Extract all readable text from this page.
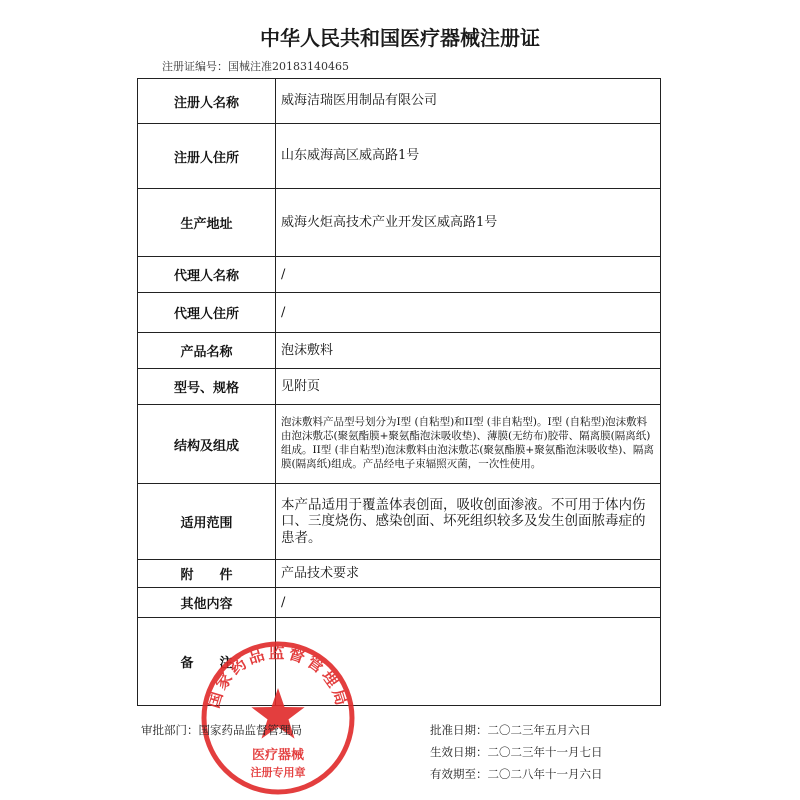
中华人民共和国医疗器械注册证
注册证编号：国械注准20183140465
注册人名称	威海洁瑞医用制品有限公司
注册人住所	山东威海高区威高路1号
生产地址	威海火炬高技术产业开发区威高路1号
代理人名称	/
代理人住所	/
产品名称	泡沫敷料
型号、规格	见附页
结构及组成	泡沫敷料产品型号划分为I型 (自粘型)和II型 (非自粘型)。I型 (自粘型)泡沫敷料由泡沫敷芯(聚氨酯膜+聚氨酯泡沫吸收垫)、薄膜(无纺布)胶带、隔离膜(隔离纸)组成。II型 (非自粘型)泡沫敷料由泡沫敷芯(聚氨酯膜+聚氨酯泡沫吸收垫)、隔离膜(隔离纸)组成。产品经电子束辐照灭菌，一次性使用。
适用范围	本产品适用于覆盖体表创面，吸收创面渗液。不可用于体内伤口、三度烧伤、感染创面、坏死组织较多及发生创面脓毒症的患者。
附　　件	产品技术要求
其他内容	/
备　　注	
国家药品监督管理局
医疗器械
注册专用章
审批部门：国家药品监督管理局	批准日期：二〇二三年五月六日
生效日期：二〇二三年十一月七日
有效期至：二〇二八年十一月六日
